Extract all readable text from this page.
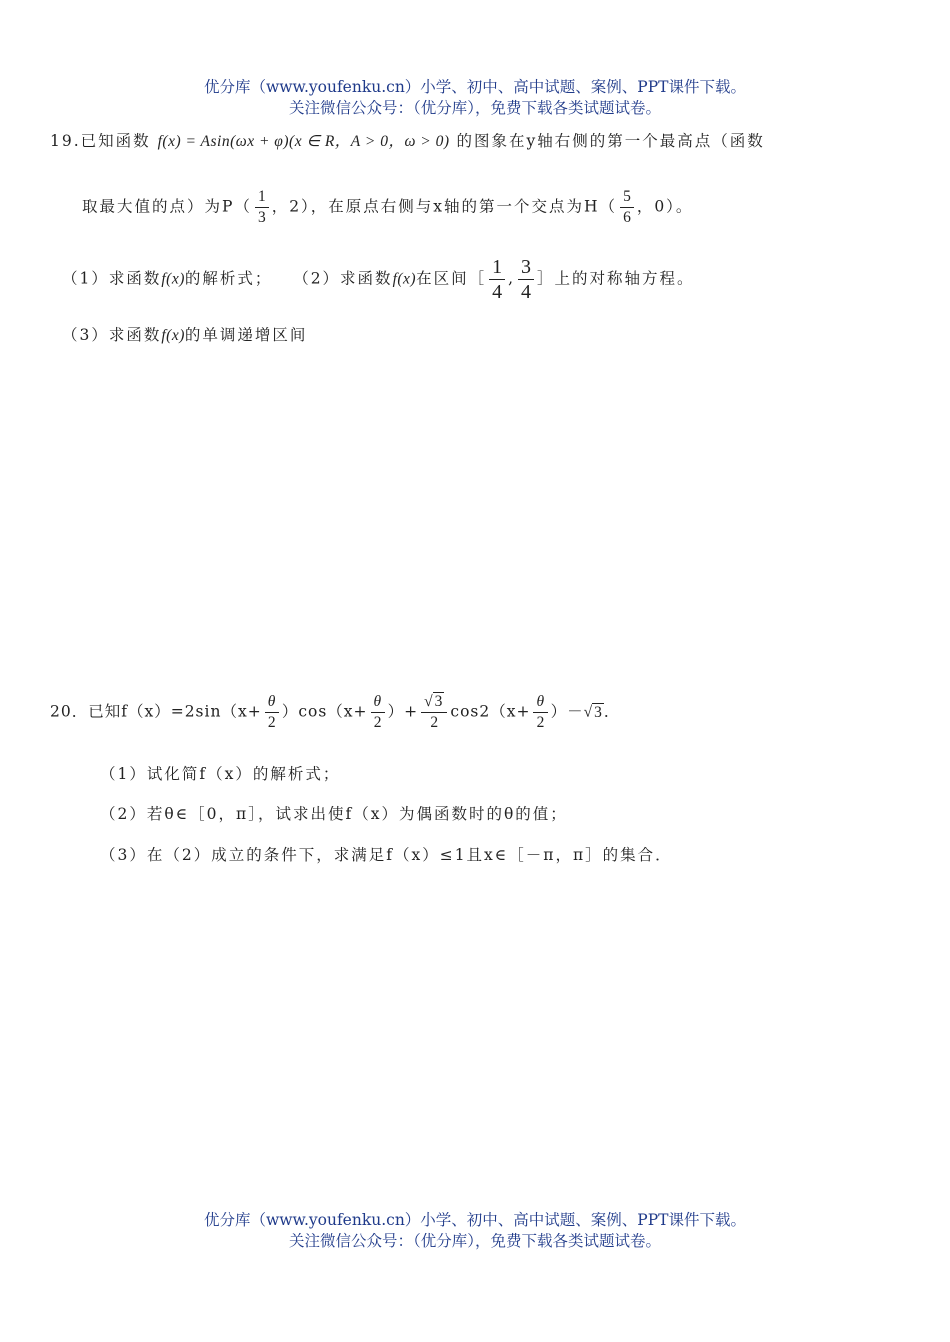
优分库（www.youfenku.cn）小学、初中、高中试题、案例、PPT课件下载。
关注微信公众号：（优分库），免费下载各类试题试卷。
19.已知函数 f(x) = Asin(ωx + φ)(x ∈ R，A > 0，ω > 0) 的图象在y轴右侧的第一个最高点（函数
取最大值的点）为$P( \frac{1}{3}$ ，2），在原点右侧与x轴的第一个交点为$H( \frac{5}{6}$ ，0）。
（1）求函数f(x)的解析式； （2）求函数f(x)在区间［ $\frac{1}{4}$ , $\frac{3}{4}$ ］上的对称轴方程。
（3）求函数f(x)的单调递增区间
20．已知$f(x)=2\sin(x+ \frac{\theta}{2} )\cos(x+ \frac{\theta}{2}$ ）+ $\frac{√ 3}{2} \cos 2(x+ \frac{\theta}{2}$ ）－√ 3 ．
（1）试化简f（x）的解析式；
（2）若θ∈［0，π］，试求出使f（x）为偶函数时的θ的值；
（3）在（2）成立的条件下，求满足f（x）≤1且x∈［－π，π］的集合．
优分库（www.youfenku.cn）小学、初中、高中试题、案例、PPT课件下载。
关注微信公众号：（优分库），免费下载各类试题试卷。
